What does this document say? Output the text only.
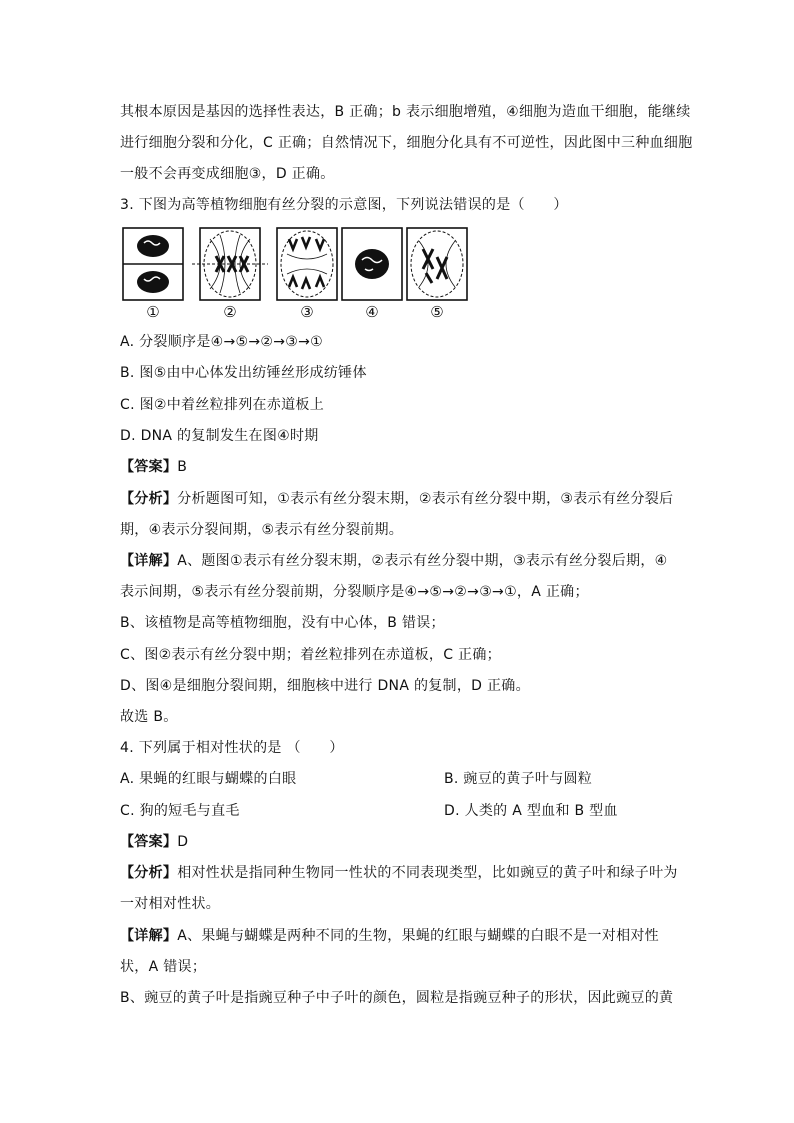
其根本原因是基因的选择性表达，B 正确；b 表示细胞增殖，④细胞为造血干细胞，能继续
进行细胞分裂和分化，C 正确；自然情况下，细胞分化具有不可逆性，因此图中三种血细胞
一般不会再变成细胞③，D 正确。
3. 下图为高等植物细胞有丝分裂的示意图，下列说法错误的是（　　）
①	②	③	④	⑤
A. 分裂顺序是④→⑤→②→③→①
B. 图⑤由中心体发出纺锤丝形成纺锤体
C. 图②中着丝粒排列在赤道板上
D. DNA 的复制发生在图④时期
【答案】B
【分析】分析题图可知，①表示有丝分裂末期，②表示有丝分裂中期，③表示有丝分裂后
期，④表示分裂间期，⑤表示有丝分裂前期。
【详解】A、题图①表示有丝分裂末期，②表示有丝分裂中期，③表示有丝分裂后期，④
表示间期，⑤表示有丝分裂前期，分裂顺序是④→⑤→②→③→①，A 正确；
B、该植物是高等植物细胞，没有中心体，B 错误；
C、图②表示有丝分裂中期；着丝粒排列在赤道板，C 正确；
D、图④是细胞分裂间期，细胞核中进行 DNA 的复制，D 正确。
故选 B。
4. 下列属于相对性状的是 （　　）
A. 果蝇的红眼与蝴蝶的白眼	B. 豌豆的黄子叶与圆粒
C. 狗的短毛与直毛	D. 人类的 A 型血和 B 型血
【答案】D
【分析】相对性状是指同种生物同一性状的不同表现类型，比如豌豆的黄子叶和绿子叶为
一对相对性状。
【详解】A、果蝇与蝴蝶是两种不同的生物，果蝇的红眼与蝴蝶的白眼不是一对相对性
状，A 错误；
B、豌豆的黄子叶是指豌豆种子中子叶的颜色，圆粒是指豌豆种子的形状，因此豌豆的黄
